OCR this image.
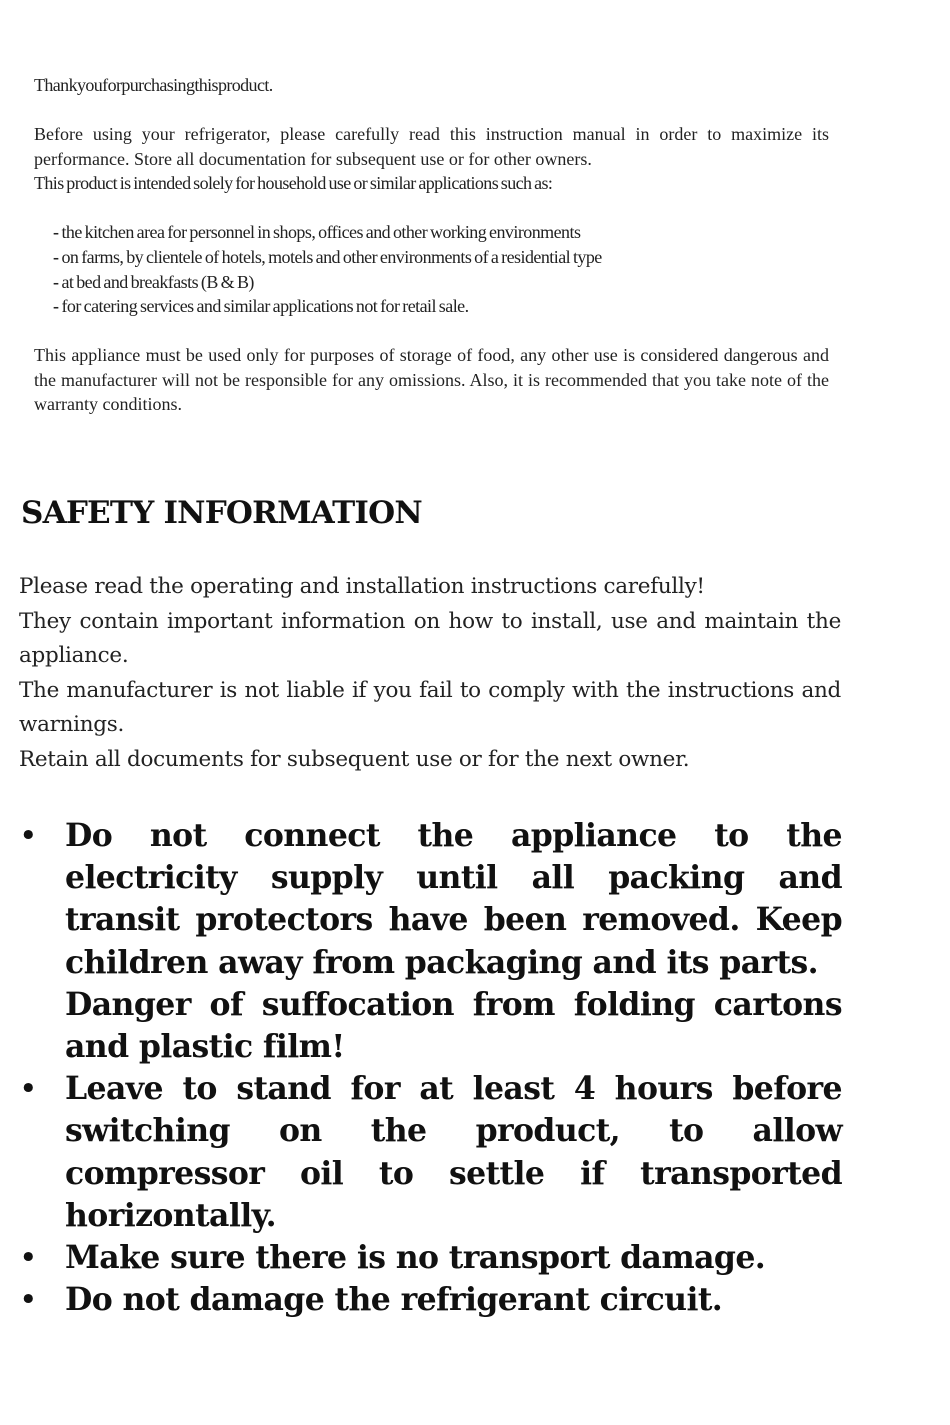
Thankyouforpurchasingthisproduct.

Before using your refrigerator, please carefully read this instruction manual in order to maximize its performance. Store all documentation for subsequent use or for other owners.

This product is intended solely for household use or similar applications such as:

- the kitchen area for personnel in shops, offices and other working environments
- on farms, by clientele of hotels, motels and other environments of a residential type
- at bed and breakfasts (B & B)
- for catering services and similar applications not for retail sale.

This appliance must be used only for purposes of storage of food, any other use is considered dangerous and the manufacturer will not be responsible for any omissions. Also, it is recommended that you take note of the warranty conditions.

SAFETY INFORMATION

Please read the operating and installation instructions carefully!

They contain important information on how to install, use and maintain the appliance.

The manufacturer is not liable if you fail to comply with the instructions and warnings.

Retain all documents for subsequent use or for the next owner.

• Do not connect the appliance to the electricity supply until all packing and transit protectors have been removed. Keep children away from packaging and its parts.
Danger of suffocation from folding cartons and plastic film!
• Leave to stand for at least 4 hours before switching on the product, to allow compressor oil to settle if transported horizontally.
• Make sure there is no transport damage.
• Do not damage the refrigerant circuit.
